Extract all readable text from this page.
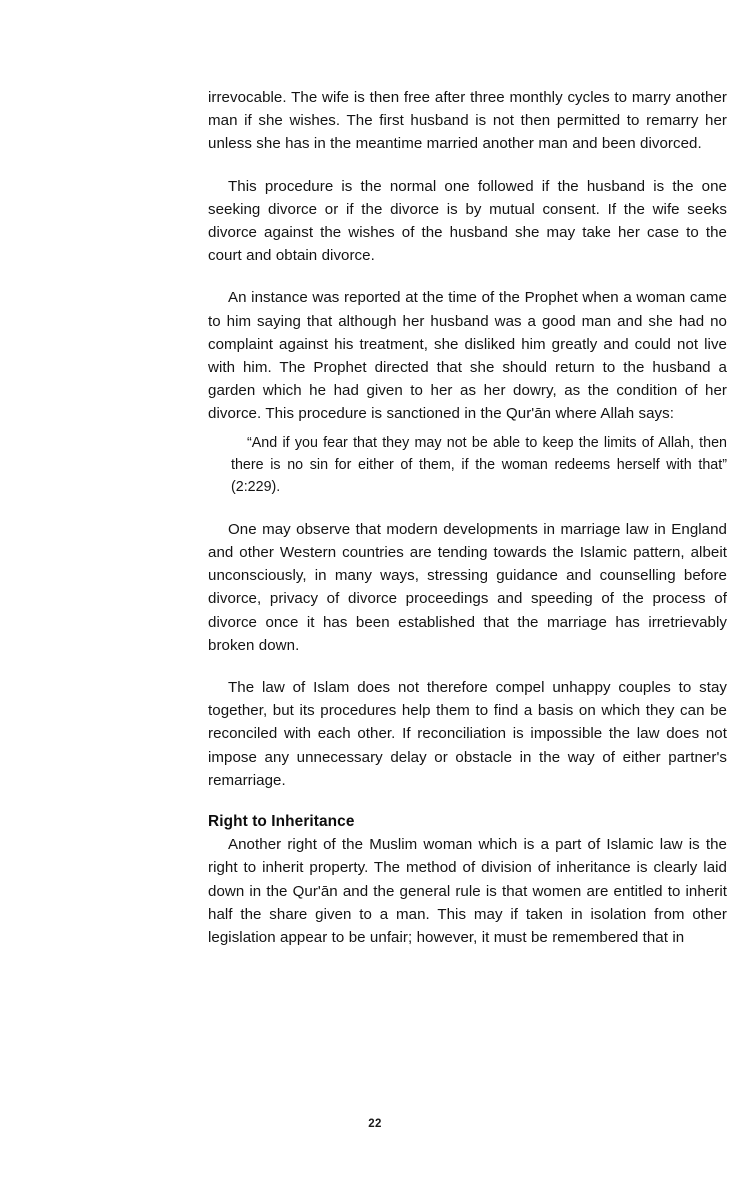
irrevocable. The wife is then free after three monthly cycles to marry another man if she wishes. The first husband is not then permitted to remarry her unless she has in the meantime married another man and been divorced.

This procedure is the normal one followed if the husband is the one seeking divorce or if the divorce is by mutual consent. If the wife seeks divorce against the wishes of the husband she may take her case to the court and obtain divorce.

An instance was reported at the time of the Prophet when a woman came to him saying that although her husband was a good man and she had no complaint against his treatment, she disliked him greatly and could not live with him. The Prophet directed that she should return to the husband a garden which he had given to her as her dowry, as the condition of her divorce. This procedure is sanctioned in the Qur'ān where Allah says:

“And if you fear that they may not be able to keep the limits of Allah, then there is no sin for either of them, if the woman redeems herself with that” (2:229).

One may observe that modern developments in marriage law in England and other Western countries are tending towards the Islamic pattern, albeit unconsciously, in many ways, stressing guidance and counselling before divorce, privacy of divorce proceedings and speeding of the process of divorce once it has been established that the marriage has irretrievably broken down.

The law of Islam does not therefore compel unhappy couples to stay together, but its procedures help them to find a basis on which they can be reconciled with each other. If reconciliation is impossible the law does not impose any unnecessary delay or obstacle in the way of either partner's remarriage.

Right to Inheritance

Another right of the Muslim woman which is a part of Islamic law is the right to inherit property. The method of division of inheritance is clearly laid down in the Qur'ān and the general rule is that women are entitled to inherit half the share given to a man. This may if taken in isolation from other legislation appear to be unfair; however, it must be remembered that in

22
